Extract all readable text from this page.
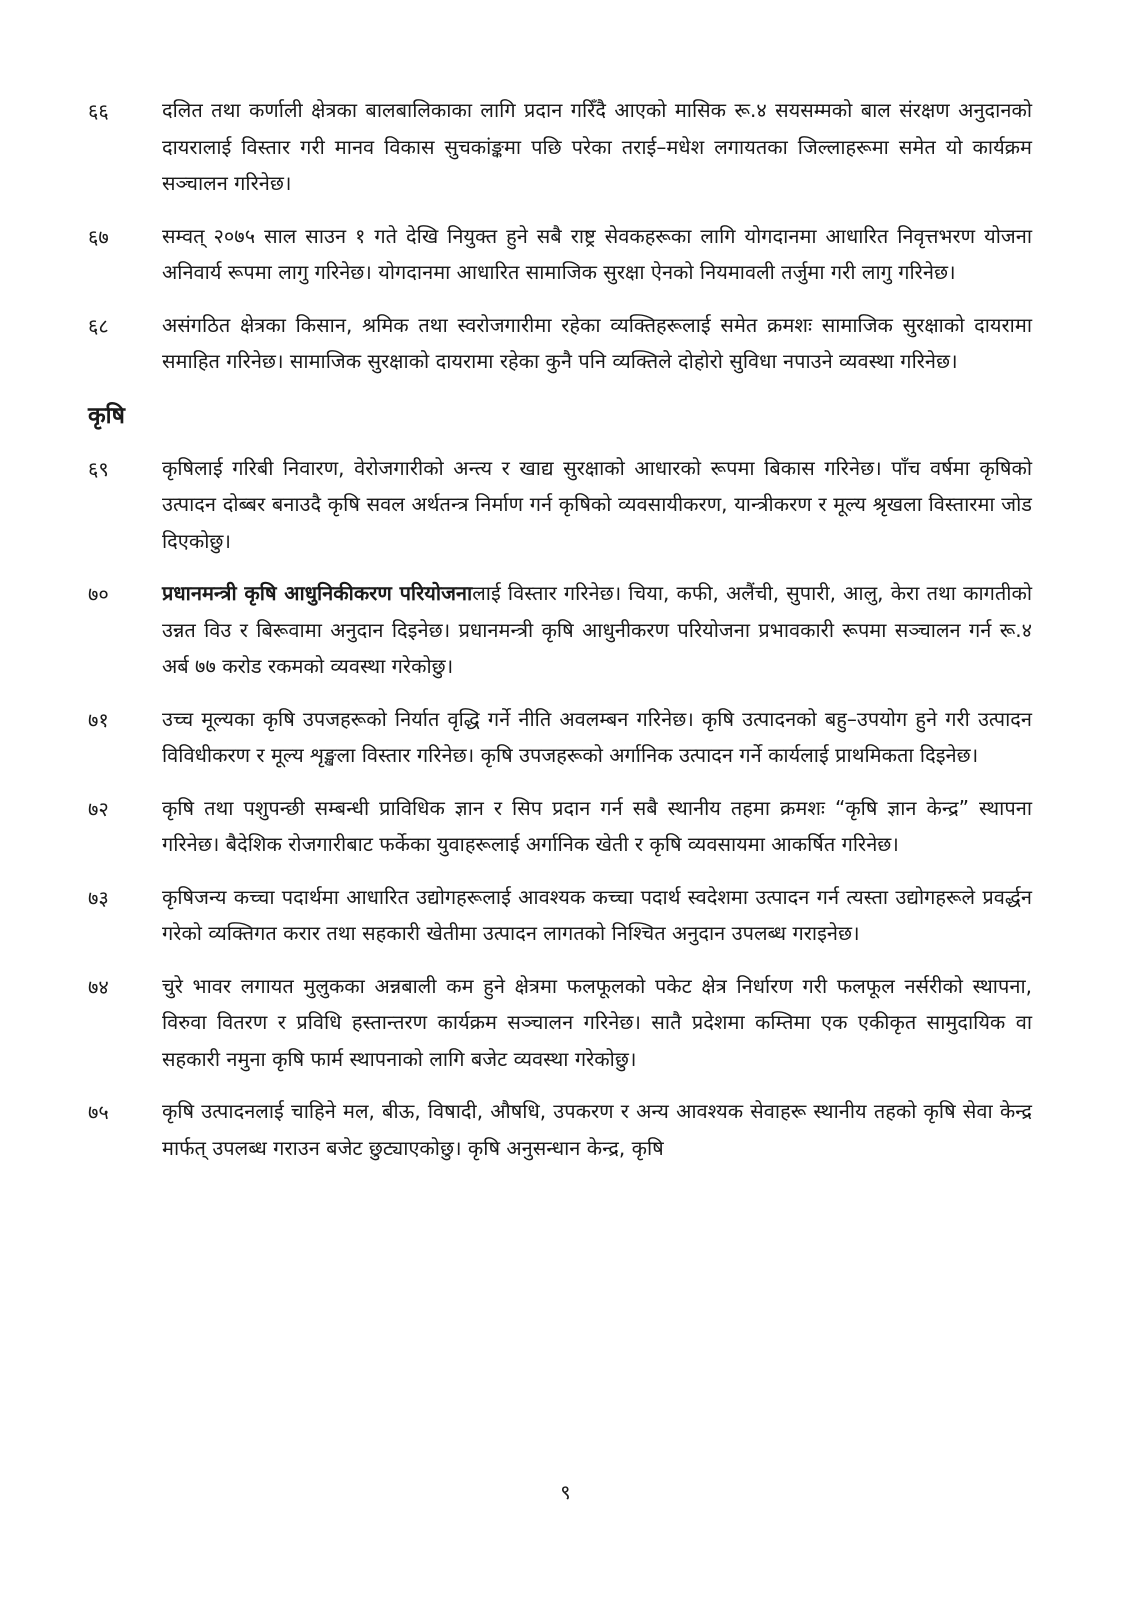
६६	दलित तथा कर्णाली क्षेत्रका बालबालिकाका लागि प्रदान गरिँदै आएको मासिक रू.४ सयसम्मको बाल संरक्षण अनुदानको दायरालाई विस्तार गरी मानव विकास सुचकांङ्कमा पछि परेका तराई–मधेश लगायतका जिल्लाहरूमा समेत यो कार्यक्रम सञ्चालन गरिनेछ।
६७	सम्वत् २०७५ साल साउन १ गते देखि नियुक्त हुने सबै राष्ट्र सेवकहरूका लागि योगदानमा आधारित निवृत्तभरण योजना अनिवार्य रूपमा लागु गरिनेछ। योगदानमा आधारित सामाजिक सुरक्षा ऐनको नियमावली तर्जुमा गरी लागु गरिनेछ।
६८	असंगठित क्षेत्रका किसान, श्रमिक तथा स्वरोजगारीमा रहेका व्यक्तिहरूलाई समेत क्रमशः सामाजिक सुरक्षाको दायरामा समाहित गरिनेछ। सामाजिक सुरक्षाको दायरामा रहेका कुनै पनि व्यक्तिले दोहोरो सुविधा नपाउने व्यवस्था गरिनेछ।
कृषि
६९	कृषिलाई गरिबी निवारण, वेरोजगारीको अन्त्य र खाद्य सुरक्षाको आधारको रूपमा बिकास गरिनेछ। पाँच वर्षमा कृषिको उत्पादन दोब्बर बनाउदै कृषि सवल अर्थतन्त्र निर्माण गर्न कृषिको व्यवसायीकरण, यान्त्रीकरण र मूल्य श्रृखला विस्तारमा जोड दिएकोछु।
७०	प्रधानमन्त्री कृषि आधुनिकीकरण परियोजनालाई विस्तार गरिनेछ। चिया, कफी, अलैंची, सुपारी, आलु, केरा तथा कागतीको उन्नत विउ र बिरूवामा अनुदान दिइनेछ। प्रधानमन्त्री कृषि आधुनीकरण परियोजना प्रभावकारी रूपमा सञ्चालन गर्न रू.४ अर्ब ७७ करोड रकमको व्यवस्था गरेकोछु।
७१	उच्च मूल्यका कृषि उपजहरूको निर्यात वृद्धि गर्ने नीति अवलम्बन गरिनेछ। कृषि उत्पादनको बहु–उपयोग हुने गरी उत्पादन विविधीकरण र मूल्य शृङ्खला विस्तार गरिनेछ। कृषि उपजहरूको अर्गानिक उत्पादन गर्ने कार्यलाई प्राथमिकता दिइनेछ।
७२	कृषि तथा पशुपन्छी सम्बन्धी प्राविधिक ज्ञान र सिप प्रदान गर्न सबै स्थानीय तहमा क्रमशः “कृषि ज्ञान केन्द्र” स्थापना गरिनेछ। बैदेशिक रोजगारीबाट फर्केका युवाहरूलाई अर्गानिक खेती र कृषि व्यवसायमा आकर्षित गरिनेछ।
७३	कृषिजन्य कच्चा पदार्थमा आधारित उद्योगहरूलाई आवश्यक कच्चा पदार्थ स्वदेशमा उत्पादन गर्न त्यस्ता उद्योगहरूले प्रवर्द्धन गरेको व्यक्तिगत करार तथा सहकारी खेतीमा उत्पादन लागतको निश्चित अनुदान उपलब्ध गराइनेछ।
७४	चुरे भावर लगायत मुलुकका अन्नबाली कम हुने क्षेत्रमा फलफूलको पकेट क्षेत्र निर्धारण गरी फलफूल नर्सरीको स्थापना, विरुवा वितरण र प्रविधि हस्तान्तरण कार्यक्रम सञ्चालन गरिनेछ। सातै प्रदेशमा कम्तिमा एक एकीकृत सामुदायिक वा सहकारी नमुना कृषि फार्म स्थापनाको लागि बजेट व्यवस्था गरेकोछु।
७५	कृषि उत्पादनलाई चाहिने मल, बीऊ, विषादी, औषधि, उपकरण र अन्य आवश्यक सेवाहरू स्थानीय तहको कृषि सेवा केन्द्र मार्फत् उपलब्ध गराउन बजेट छुट्याएकोछु। कृषि अनुसन्धान केन्द्र, कृषि
९
